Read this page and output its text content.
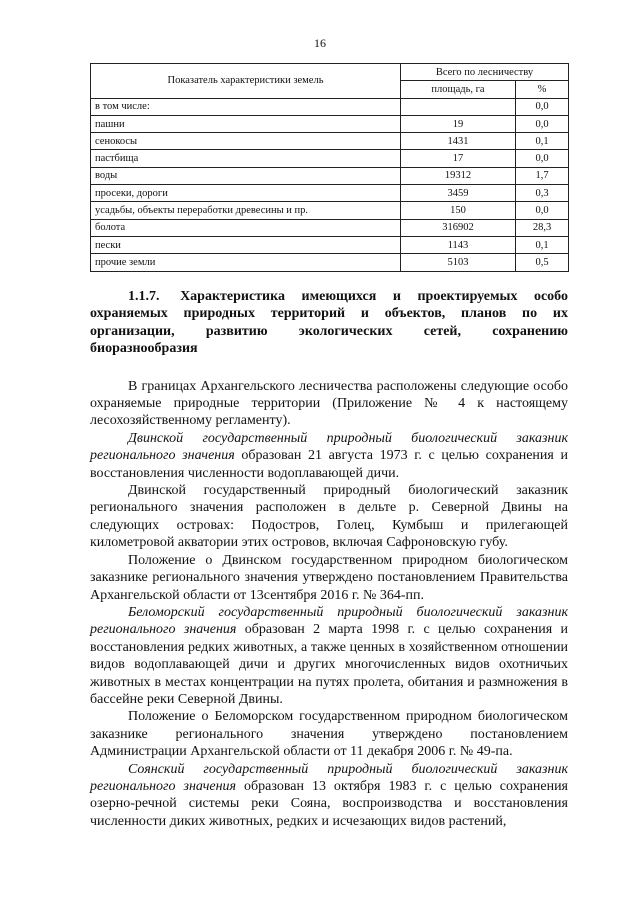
16
Показатель характеристики земель	Всего по лесничеству	
	площадь, га	%
в том числе:		0,0
пашни	19	0,0
сенокосы	1431	0,1
пастбища	17	0,0
воды	19312	1,7
просеки, дороги	3459	0,3
усадьбы, объекты переработки древесины и пр.	150	0,0
болота	316902	28,3
пески	1143	0,1
прочие земли	5103	0,5
1.1.7. Характеристика имеющихся и проектируемых особо охраняемых природных территорий и объектов, планов по их организации, развитию экологических сетей, сохранению биоразнообразия

В границах Архангельского лесничества расположены следующие особо охраняемые природные территории (Приложение № 4 к настоящему лесохозяйственному регламенту).

Двинской государственный природный биологический заказник регионального значения образован 21 августа 1973 г. с целью сохранения и восстановления численности водоплавающей дичи.

Двинской государственный природный биологический заказник регионального значения расположен в дельте р. Северной Двины на следующих островах: Подостров, Голец, Кумбыш и прилегающей километровой акватории этих островов, включая Сафроновскую губу.

Положение о Двинском государственном природном биологическом заказнике регионального значения утверждено постановлением Правительства Архангельской области от 13сентября 2016 г. № 364-пп.

Беломорский государственный природный биологический заказник регионального значения образован 2 марта 1998 г. с целью сохранения и восстановления редких животных, а также ценных в хозяйственном отношении видов водоплавающей дичи и других многочисленных видов охотничьих животных в местах концентрации на путях пролета, обитания и размножения в бассейне реки Северной Двины.

Положение о Беломорском государственном природном биологическом заказнике регионального значения утверждено постановлением Администрации Архангельской области от 11 декабря 2006 г. № 49-па.

Соянский государственный природный биологический заказник регионального значения образован 13 октября 1983 г. с целью сохранения озерно-речной системы реки Сояна, воспроизводства и восстановления численности диких животных, редких и исчезающих видов растений,
